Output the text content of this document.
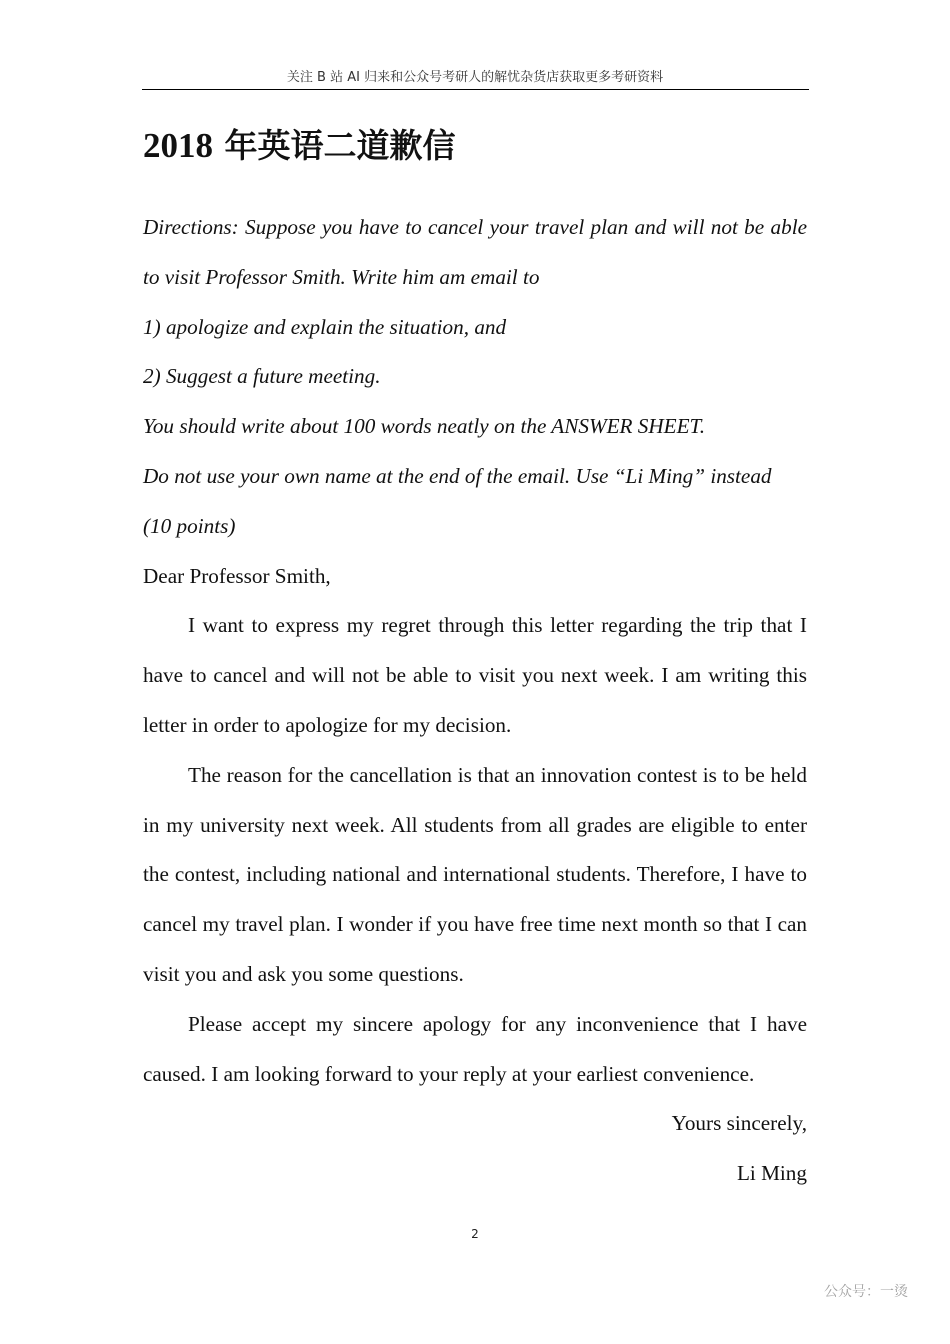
关注 B 站 AI 归来和公众号考研人的解忧杂货店获取更多考研资料
2018 年英语二道歉信

Directions: Suppose you have to cancel your travel plan and will not be able to visit Professor Smith. Write him am email to

1) apologize and explain the situation, and

2) Suggest a future meeting.

You should write about 100 words neatly on the ANSWER SHEET.

Do not use your own name at the end of the email. Use “Li Ming” instead

(10 points)

Dear Professor Smith,

I want to express my regret through this letter regarding the trip that I have to cancel and will not be able to visit you next week. I am writing this letter in order to apologize for my decision.

The reason for the cancellation is that an innovation contest is to be held in my university next week. All students from all grades are eligible to enter the contest, including national and international students. Therefore, I have to cancel my travel plan. I wonder if you have free time next month so that I can visit you and ask you some questions.

Please accept my sincere apology for any inconvenience that I have caused. I am looking forward to your reply at your earliest convenience.

Yours sincerely,

Li Ming

2
公众号：一烫
